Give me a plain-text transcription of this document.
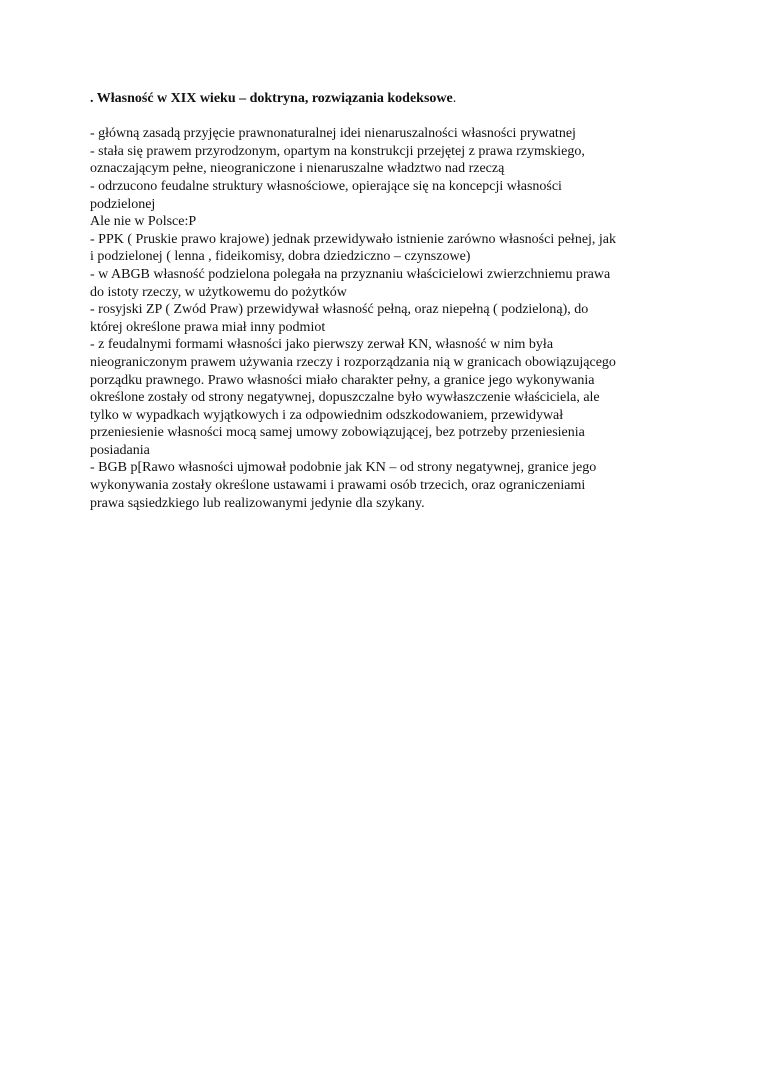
. Własność w XIX wieku – doktryna, rozwiązania kodeksowe.

- główną zasadą przyjęcie prawnonaturalnej idei nienaruszalności własności prywatnej
- stała się prawem przyrodzonym, opartym na konstrukcji przejętej z prawa rzymskiego,
oznaczającym pełne, nieograniczone i nienaruszalne władztwo nad rzeczą
- odrzucono feudalne struktury własnościowe, opierające się na koncepcji własności
podzielonej
Ale nie w Polsce:P
- PPK ( Pruskie prawo krajowe) jednak przewidywało istnienie zarówno własności pełnej, jak
i podzielonej ( lenna , fideikomisy, dobra dziedziczno – czynszowe)
- w ABGB własność podzielona polegała na przyznaniu właścicielowi zwierzchniemu prawa
do istoty rzeczy, w użytkowemu do pożytków
- rosyjski ZP ( Zwód Praw) przewidywał własność pełną, oraz niepełną ( podzieloną), do
której określone prawa miał inny podmiot
- z feudalnymi formami własności jako pierwszy zerwał KN, własność w nim była
nieograniczonym prawem używania rzeczy i rozporządzania nią w granicach obowiązującego
porządku prawnego. Prawo własności miało charakter pełny, a granice jego wykonywania
określone zostały od strony negatywnej, dopuszczalne było wywłaszczenie właściciela, ale
tylko w wypadkach wyjątkowych i za odpowiednim odszkodowaniem, przewidywał
przeniesienie własności mocą samej umowy zobowiązującej, bez potrzeby przeniesienia
posiadania
- BGB p[Rawo własności ujmował podobnie jak KN – od strony negatywnej, granice jego
wykonywania zostały określone ustawami i prawami osób trzecich, oraz ograniczeniami
prawa sąsiedzkiego lub realizowanymi jedynie dla szykany.
